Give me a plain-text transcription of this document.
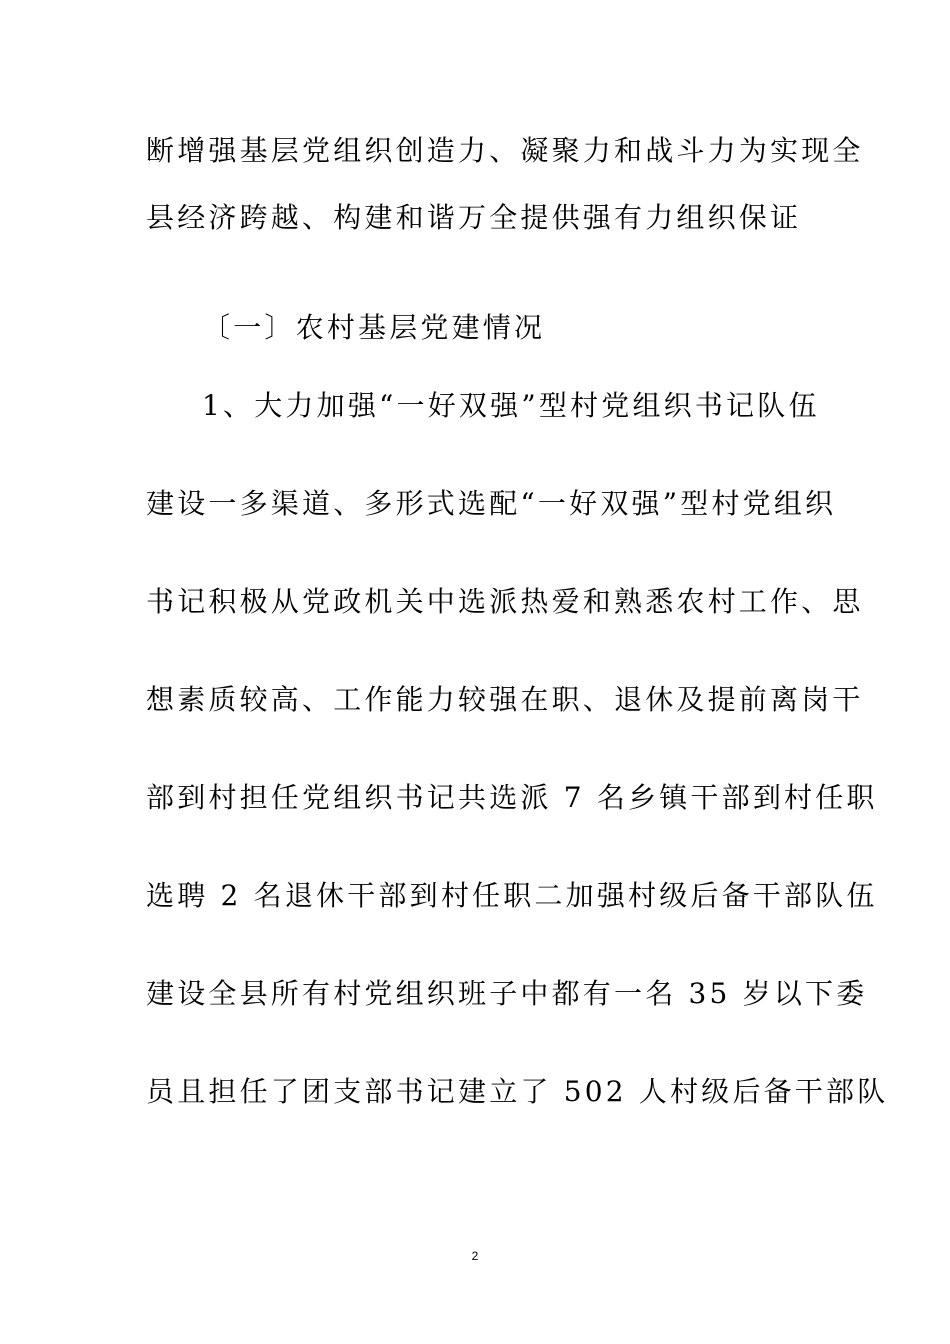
断增强基层党组织创造力、凝聚力和战斗力为实现全
县经济跨越、构建和谐万全提供强有力组织保证
〔一〕农村基层党建情况
1、大力加强“一好双强”型村党组织书记队伍
建设一多渠道、多形式选配“一好双强”型村党组织
书记积极从党政机关中选派热爱和熟悉农村工作、思
想素质较高、工作能力较强在职、退休及提前离岗干
部到村担任党组织书记共选派 7 名乡镇干部到村任职
选聘 2 名退休干部到村任职二加强村级后备干部队伍
建设全县所有村党组织班子中都有一名 35 岁以下委
员且担任了团支部书记建立了 502 人村级后备干部队
2
